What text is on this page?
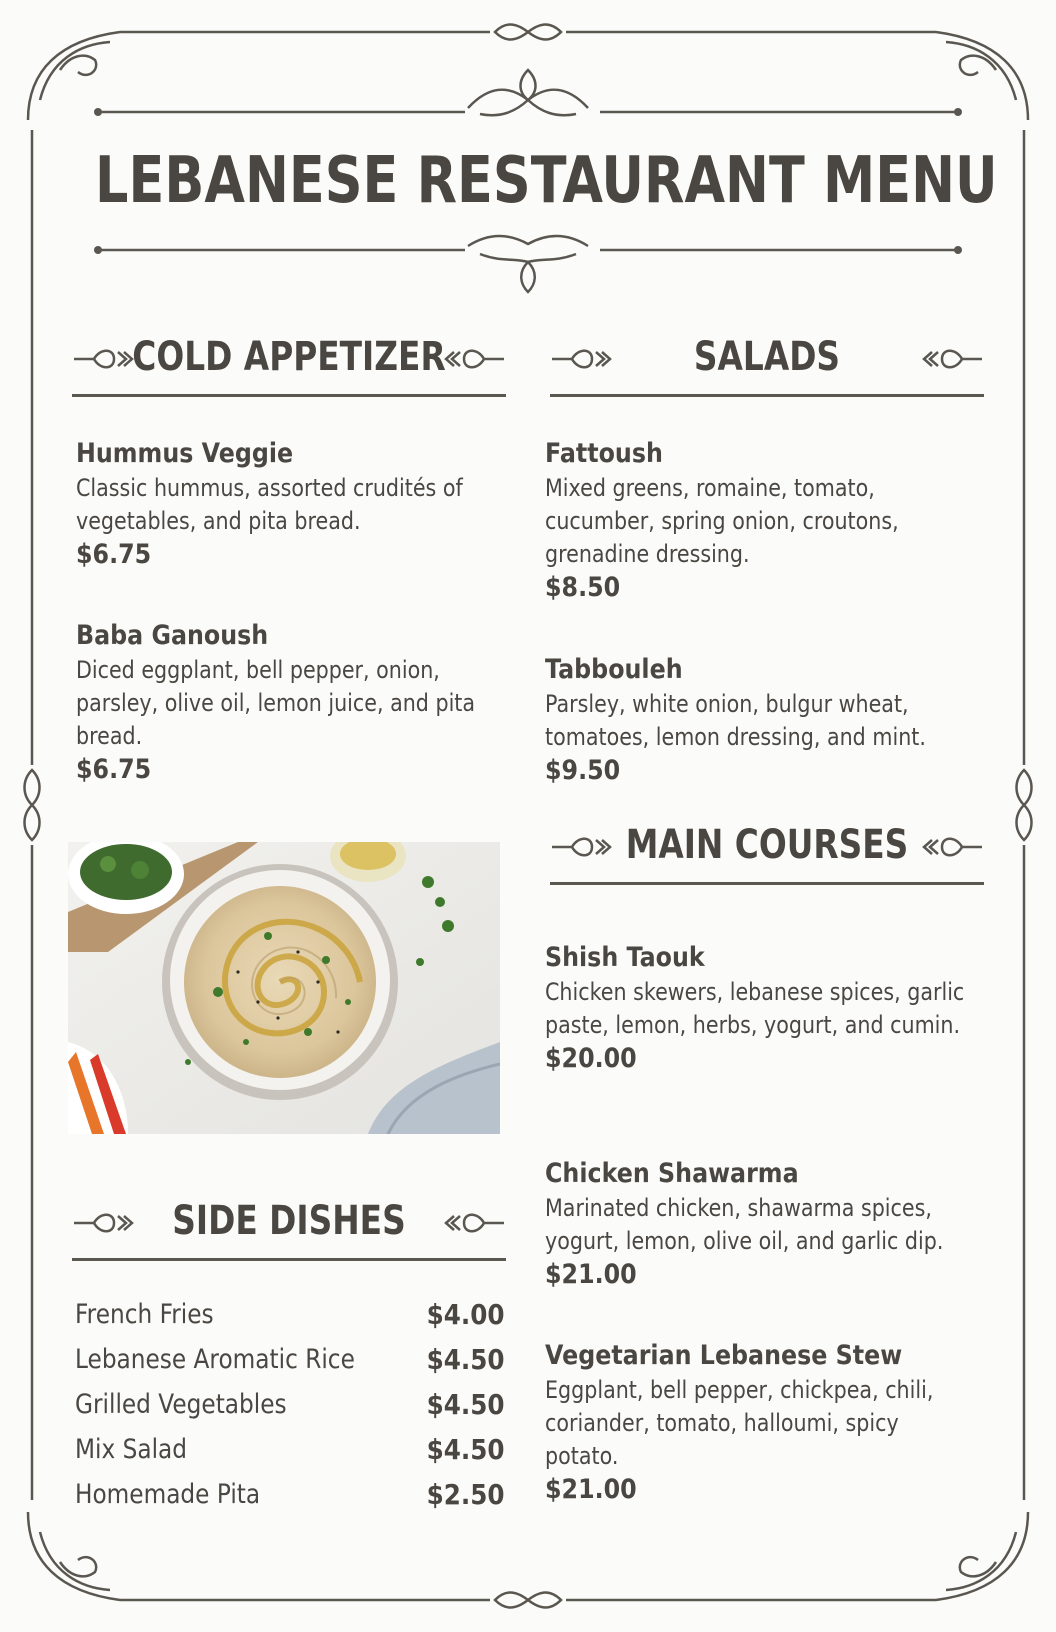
LEBANESE RESTAURANT MENU
COLD APPETIZER	SALADS
Hummus Veggie
Classic hummus, assorted crudités of vegetables, and pita bread.
$6.75
Baba Ganoush
Diced eggplant, bell pepper, onion, parsley, olive oil, lemon juice, and pita bread.
$6.75
Fattoush
Mixed greens, romaine, tomato, cucumber, spring onion, croutons, grenadine dressing.
$8.50
Tabbouleh
Parsley, white onion, bulgur wheat, tomatoes, lemon dressing, and mint.
$9.50
MAIN COURSES
Shish Taouk
Chicken skewers, lebanese spices, garlic paste, lemon, herbs, yogurt, and cumin.
$20.00
Chicken Shawarma
Marinated chicken, shawarma spices, yogurt, lemon, olive oil, and garlic dip.
$21.00
Vegetarian Lebanese Stew
Eggplant, bell pepper, chickpea, chili, coriander, tomato, halloumi, spicy potato.
$21.00
SIDE DISHES
French Fries	$4.00
Lebanese Aromatic Rice	$4.50
Grilled Vegetables	$4.50
Mix Salad	$4.50
Homemade Pita	$2.50
